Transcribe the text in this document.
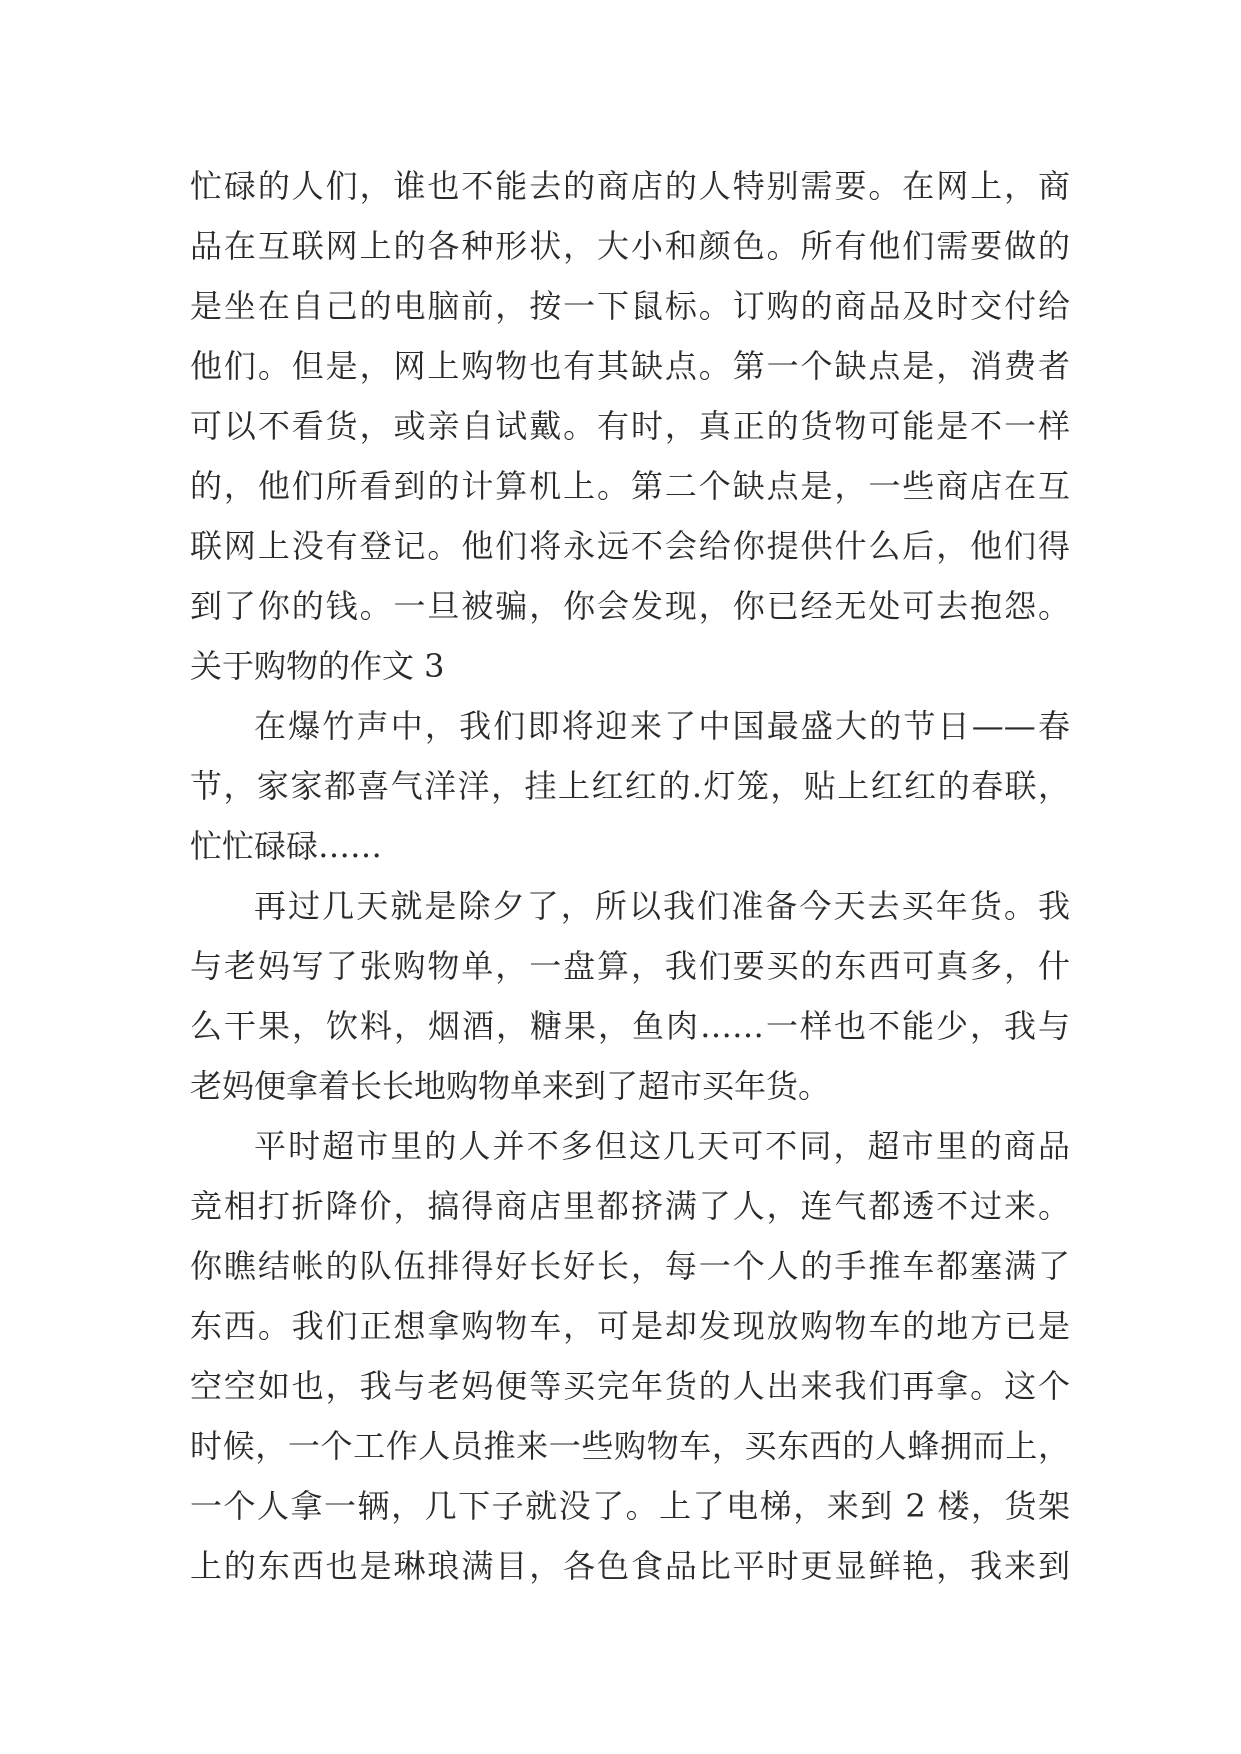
忙碌的人们，谁也不能去的商店的人特别需要。在网上，商
品在互联网上的各种形状，大小和颜色。所有他们需要做的
是坐在自己的电脑前，按一下鼠标。订购的商品及时交付给
他们。但是，网上购物也有其缺点。第一个缺点是，消费者
可以不看货，或亲自试戴。有时，真正的货物可能是不一样
的，他们所看到的计算机上。第二个缺点是，一些商店在互
联网上没有登记。他们将永远不会给你提供什么后，他们得
到了你的钱。一旦被骗，你会发现，你已经无处可去抱怨。
关于购物的作文 3
在爆竹声中，我们即将迎来了中国最盛大的节日——春
节，家家都喜气洋洋，挂上红红的.灯笼，贴上红红的春联，
忙忙碌碌……
再过几天就是除夕了，所以我们准备今天去买年货。我
与老妈写了张购物单，一盘算，我们要买的东西可真多，什
么干果，饮料，烟酒，糖果，鱼肉……一样也不能少，我与
老妈便拿着长长地购物单来到了超市买年货。
平时超市里的人并不多但这几天可不同，超市里的商品
竞相打折降价，搞得商店里都挤满了人，连气都透不过来。
你瞧结帐的队伍排得好长好长，每一个人的手推车都塞满了
东西。我们正想拿购物车，可是却发现放购物车的地方已是
空空如也，我与老妈便等买完年货的人出来我们再拿。这个
时候，一个工作人员推来一些购物车，买东西的人蜂拥而上，
一个人拿一辆，几下子就没了。上了电梯，来到 2 楼，货架
上的东西也是琳琅满目，各色食品比平时更显鲜艳，我来到
